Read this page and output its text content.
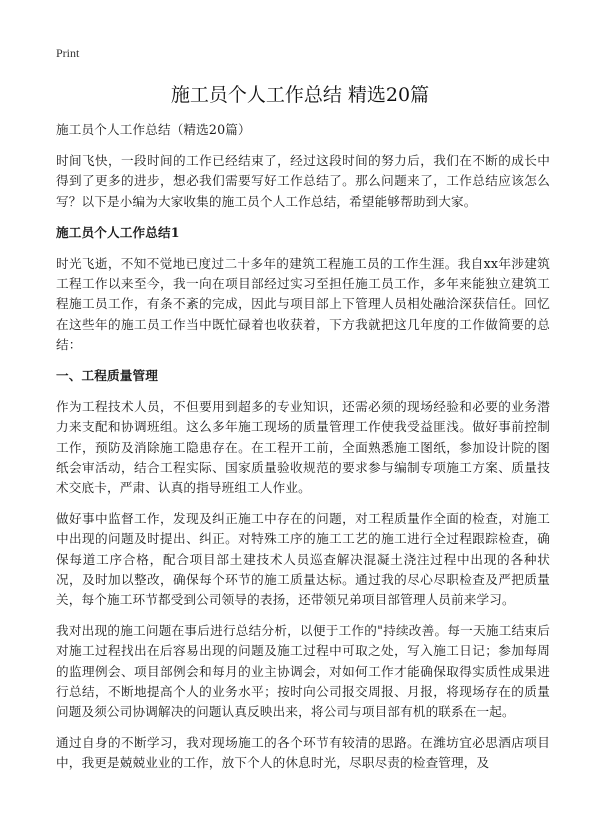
Print
施工员个人工作总结 精选20篇

施工员个人工作总结（精选20篇）

时间飞快，一段时间的工作已经结束了，经过这段时间的努力后，我们在不断的成长中得到了更多的进步，想必我们需要写好工作总结了。那么问题来了，工作总结应该怎么写？以下是小编为大家收集的施工员个人工作总结，希望能够帮助到大家。

施工员个人工作总结1

时光飞逝，不知不觉地已度过二十多年的建筑工程施工员的工作生涯。我自xx年涉建筑工程工作以来至今，我一向在项目部经过实习至担任施工员工作，多年来能独立建筑工程施工员工作，有条不紊的完成，因此与项目部上下管理人员相处融洽深获信任。回忆在这些年的施工员工作当中既忙碌着也收获着，下方我就把这几年度的工作做简要的总结：

一、工程质量管理

作为工程技术人员，不但要用到超多的专业知识，还需必须的现场经验和必要的业务潜力来支配和协调班组。这么多年施工现场的质量管理工作使我受益匪浅。做好事前控制工作，预防及消除施工隐患存在。在工程开工前，全面熟悉施工图纸，参加设计院的图纸会审活动，结合工程实际、国家质量验收规范的要求参与编制专项施工方案、质量技术交底卡，严肃、认真的指导班组工人作业。

做好事中监督工作，发现及纠正施工中存在的问题，对工程质量作全面的检查，对施工中出现的问题及时提出、纠正。对特殊工序的施工工艺的施工进行全过程跟踪检查，确保每道工序合格，配合项目部土建技术人员巡查解决混凝土浇注过程中出现的各种状况，及时加以整改，确保每个环节的施工质量达标。通过我的尽心尽职检查及严把质量关，每个施工环节都受到公司领导的表扬，还带领兄弟项目部管理人员前来学习。

我对出现的施工问题在事后进行总结分析，以便于工作的"持续改善。每一天施工结束后对施工过程找出在后容易出现的问题及施工过程中可取之处，写入施工日记；参加每周的监理例会、项目部例会和每月的业主协调会，对如何工作才能确保取得实质性成果进行总结，不断地提高个人的业务水平；按时向公司报交周报、月报，将现场存在的质量问题及须公司协调解决的问题认真反映出来，将公司与项目部有机的联系在一起。

通过自身的不断学习，我对现场施工的各个环节有较清的思路。在潍坊宜必思酒店项目中，我更是兢兢业业的工作，放下个人的休息时光，尽职尽责的检查管理，及
